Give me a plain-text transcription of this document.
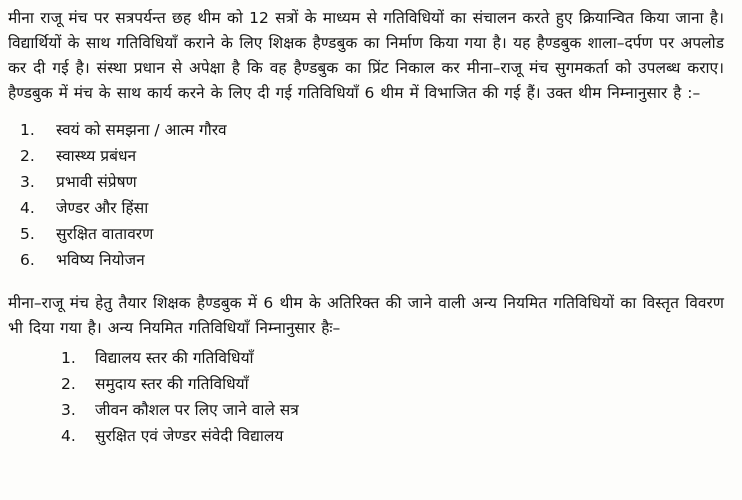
मीना राजू मंच पर सत्रपर्यन्त छह थीम को 12 सत्रों के माध्यम से गतिविधियों का संचालन करते हुए क्रियान्वित किया जाना है। विद्यार्थियों के साथ गतिविधियाँ कराने के लिए शिक्षक हैण्डबुक का निर्माण किया गया है। यह हैण्डबुक शाला–दर्पण पर अपलोड कर दी गई है। संस्था प्रधान से अपेक्षा है कि वह हैण्डबुक का प्रिंट निकाल कर मीना–राजू मंच सुगमकर्ता को उपलब्ध कराए। हैण्डबुक में मंच के साथ कार्य करने के लिए दी गई गतिविधियाँ 6 थीम में विभाजित की गई हैं। उक्त थीम निम्नानुसार है :–

1.	स्वयं को समझना / आत्म गौरव
2.	स्वास्थ्य प्रबंधन
3.	प्रभावी संप्रेषण
4.	जेण्डर और हिंसा
5.	सुरक्षित वातावरण
6.	भविष्य नियोजन

मीना–राजू मंच हेतु तैयार शिक्षक हैण्डबुक में 6 थीम के अतिरिक्त की जाने वाली अन्य नियमित गतिविधियों का विस्तृत विवरण भी दिया गया है। अन्य नियमित गतिविधियाँ निम्नानुसार हैः–

1.	विद्यालय स्तर की गतिविधियाँ
2.	समुदाय स्तर की गतिविधियाँ
3.	जीवन कौशल पर लिए जाने वाले सत्र
4.	सुरक्षित एवं जेण्डर संवेदी विद्यालय
